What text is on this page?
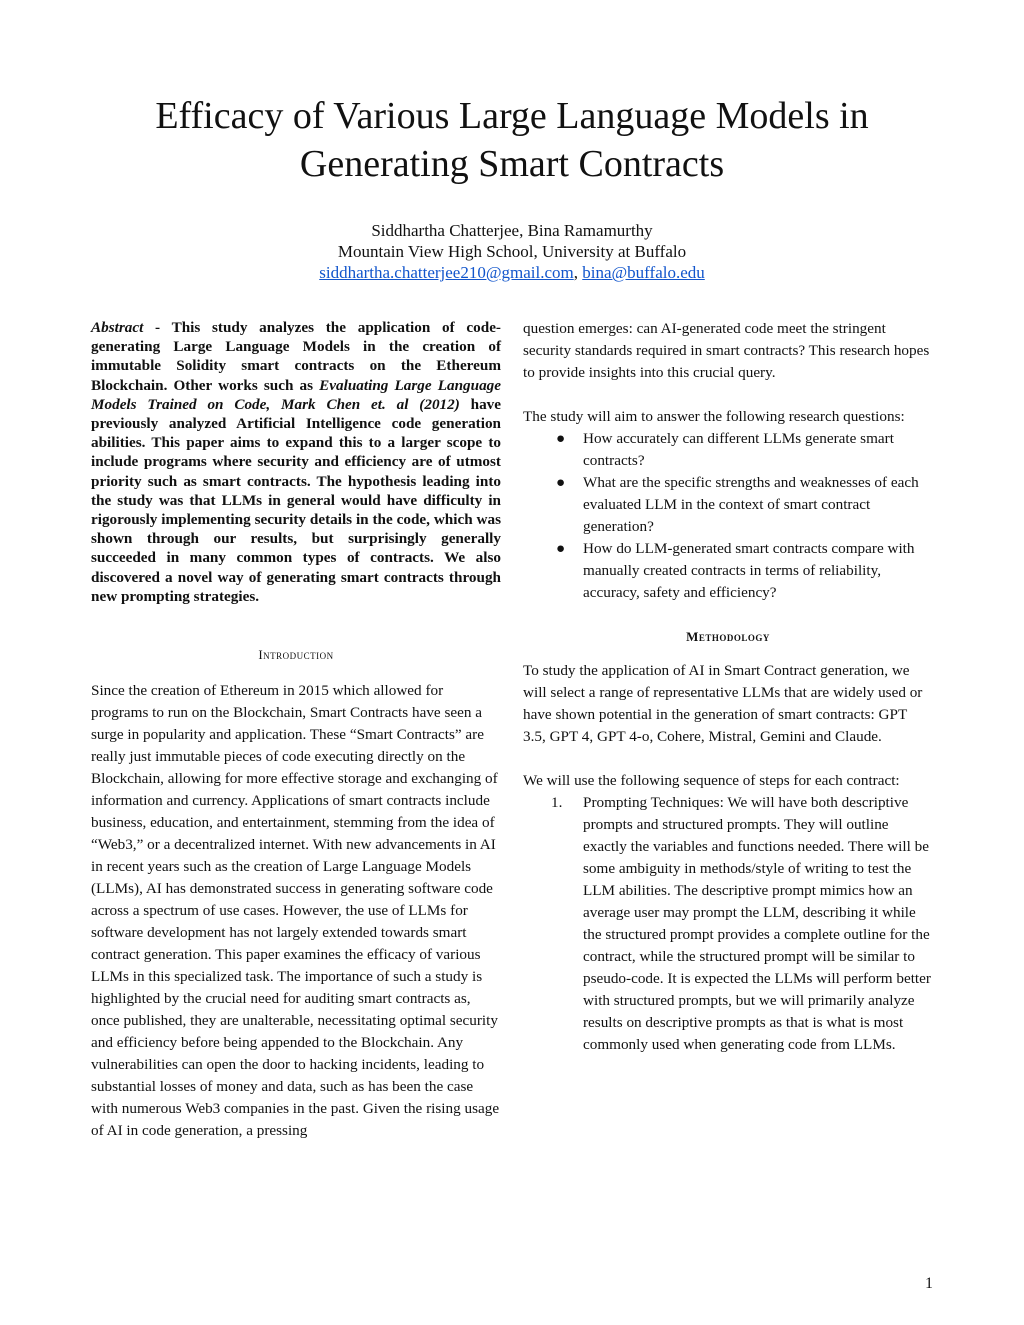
Efficacy of Various Large Language Models in
Generating Smart Contracts
Siddhartha Chatterjee, Bina Ramamurthy
Mountain View High School, University at Buffalo
siddhartha.chatterjee210@gmail.com, bina@buffalo.edu

Abstract - This study analyzes the application of code-generating Large Language Models in the creation of immutable Solidity smart contracts on the Ethereum Blockchain. Other works such as Evaluating Large Language Models Trained on Code, Mark Chen et. al (2012) have previously analyzed Artificial Intelligence code generation abilities. This paper aims to expand this to a larger scope to include programs where security and efficiency are of utmost priority such as smart contracts. The hypothesis leading into the study was that LLMs in general would have difficulty in rigorously implementing security details in the code, which was shown through our results, but surprisingly generally succeeded in many common types of contracts. We also discovered a novel way of generating smart contracts through new prompting strategies.

Introduction

Since the creation of Ethereum in 2015 which allowed for programs to run on the Blockchain, Smart Contracts have seen a surge in popularity and application. These “Smart Contracts” are really just immutable pieces of code executing directly on the Blockchain, allowing for more effective storage and exchanging of information and currency. Applications of smart contracts include business, education, and entertainment, stemming from the idea of “Web3,” or a decentralized internet. With new advancements in AI in recent years such as the creation of Large Language Models (LLMs), AI has demonstrated success in generating software code across a spectrum of use cases. However, the use of LLMs for software development has not largely extended towards smart contract generation. This paper examines the efficacy of various LLMs in this specialized task. The importance of such a study is highlighted by the crucial need for auditing smart contracts as, once published, they are unalterable, necessitating optimal security and efficiency before being appended to the Blockchain. Any vulnerabilities can open the door to hacking incidents, leading to substantial losses of money and data, such as has been the case with numerous Web3 companies in the past. Given the rising usage of AI in code generation, a pressing

question emerges: can AI-generated code meet the stringent security standards required in smart contracts? This research hopes to provide insights into this crucial query.

The study will aim to answer the following research questions:

● How accurately can different LLMs generate smart contracts?
● What are the specific strengths and weaknesses of each evaluated LLM in the context of smart contract generation?
● How do LLM-generated smart contracts compare with manually created contracts in terms of reliability, accuracy, safety and efficiency?
Methodology

To study the application of AI in Smart Contract generation, we will select a range of representative LLMs that are widely used or have shown potential in the generation of smart contracts: GPT 3.5, GPT 4, GPT 4-o, Cohere, Mistral, Gemini and Claude.

We will use the following sequence of steps for each contract:

1. Prompting Techniques: We will have both descriptive prompts and structured prompts. They will outline exactly the variables and functions needed. There will be some ambiguity in methods/style of writing to test the LLM abilities. The descriptive prompt mimics how an average user may prompt the LLM, describing it while the structured prompt provides a complete outline for the contract, while the structured prompt will be similar to pseudo-code. It is expected the LLMs will perform better with structured prompts, but we will primarily analyze results on descriptive prompts as that is what is most commonly used when generating code from LLMs.
1
